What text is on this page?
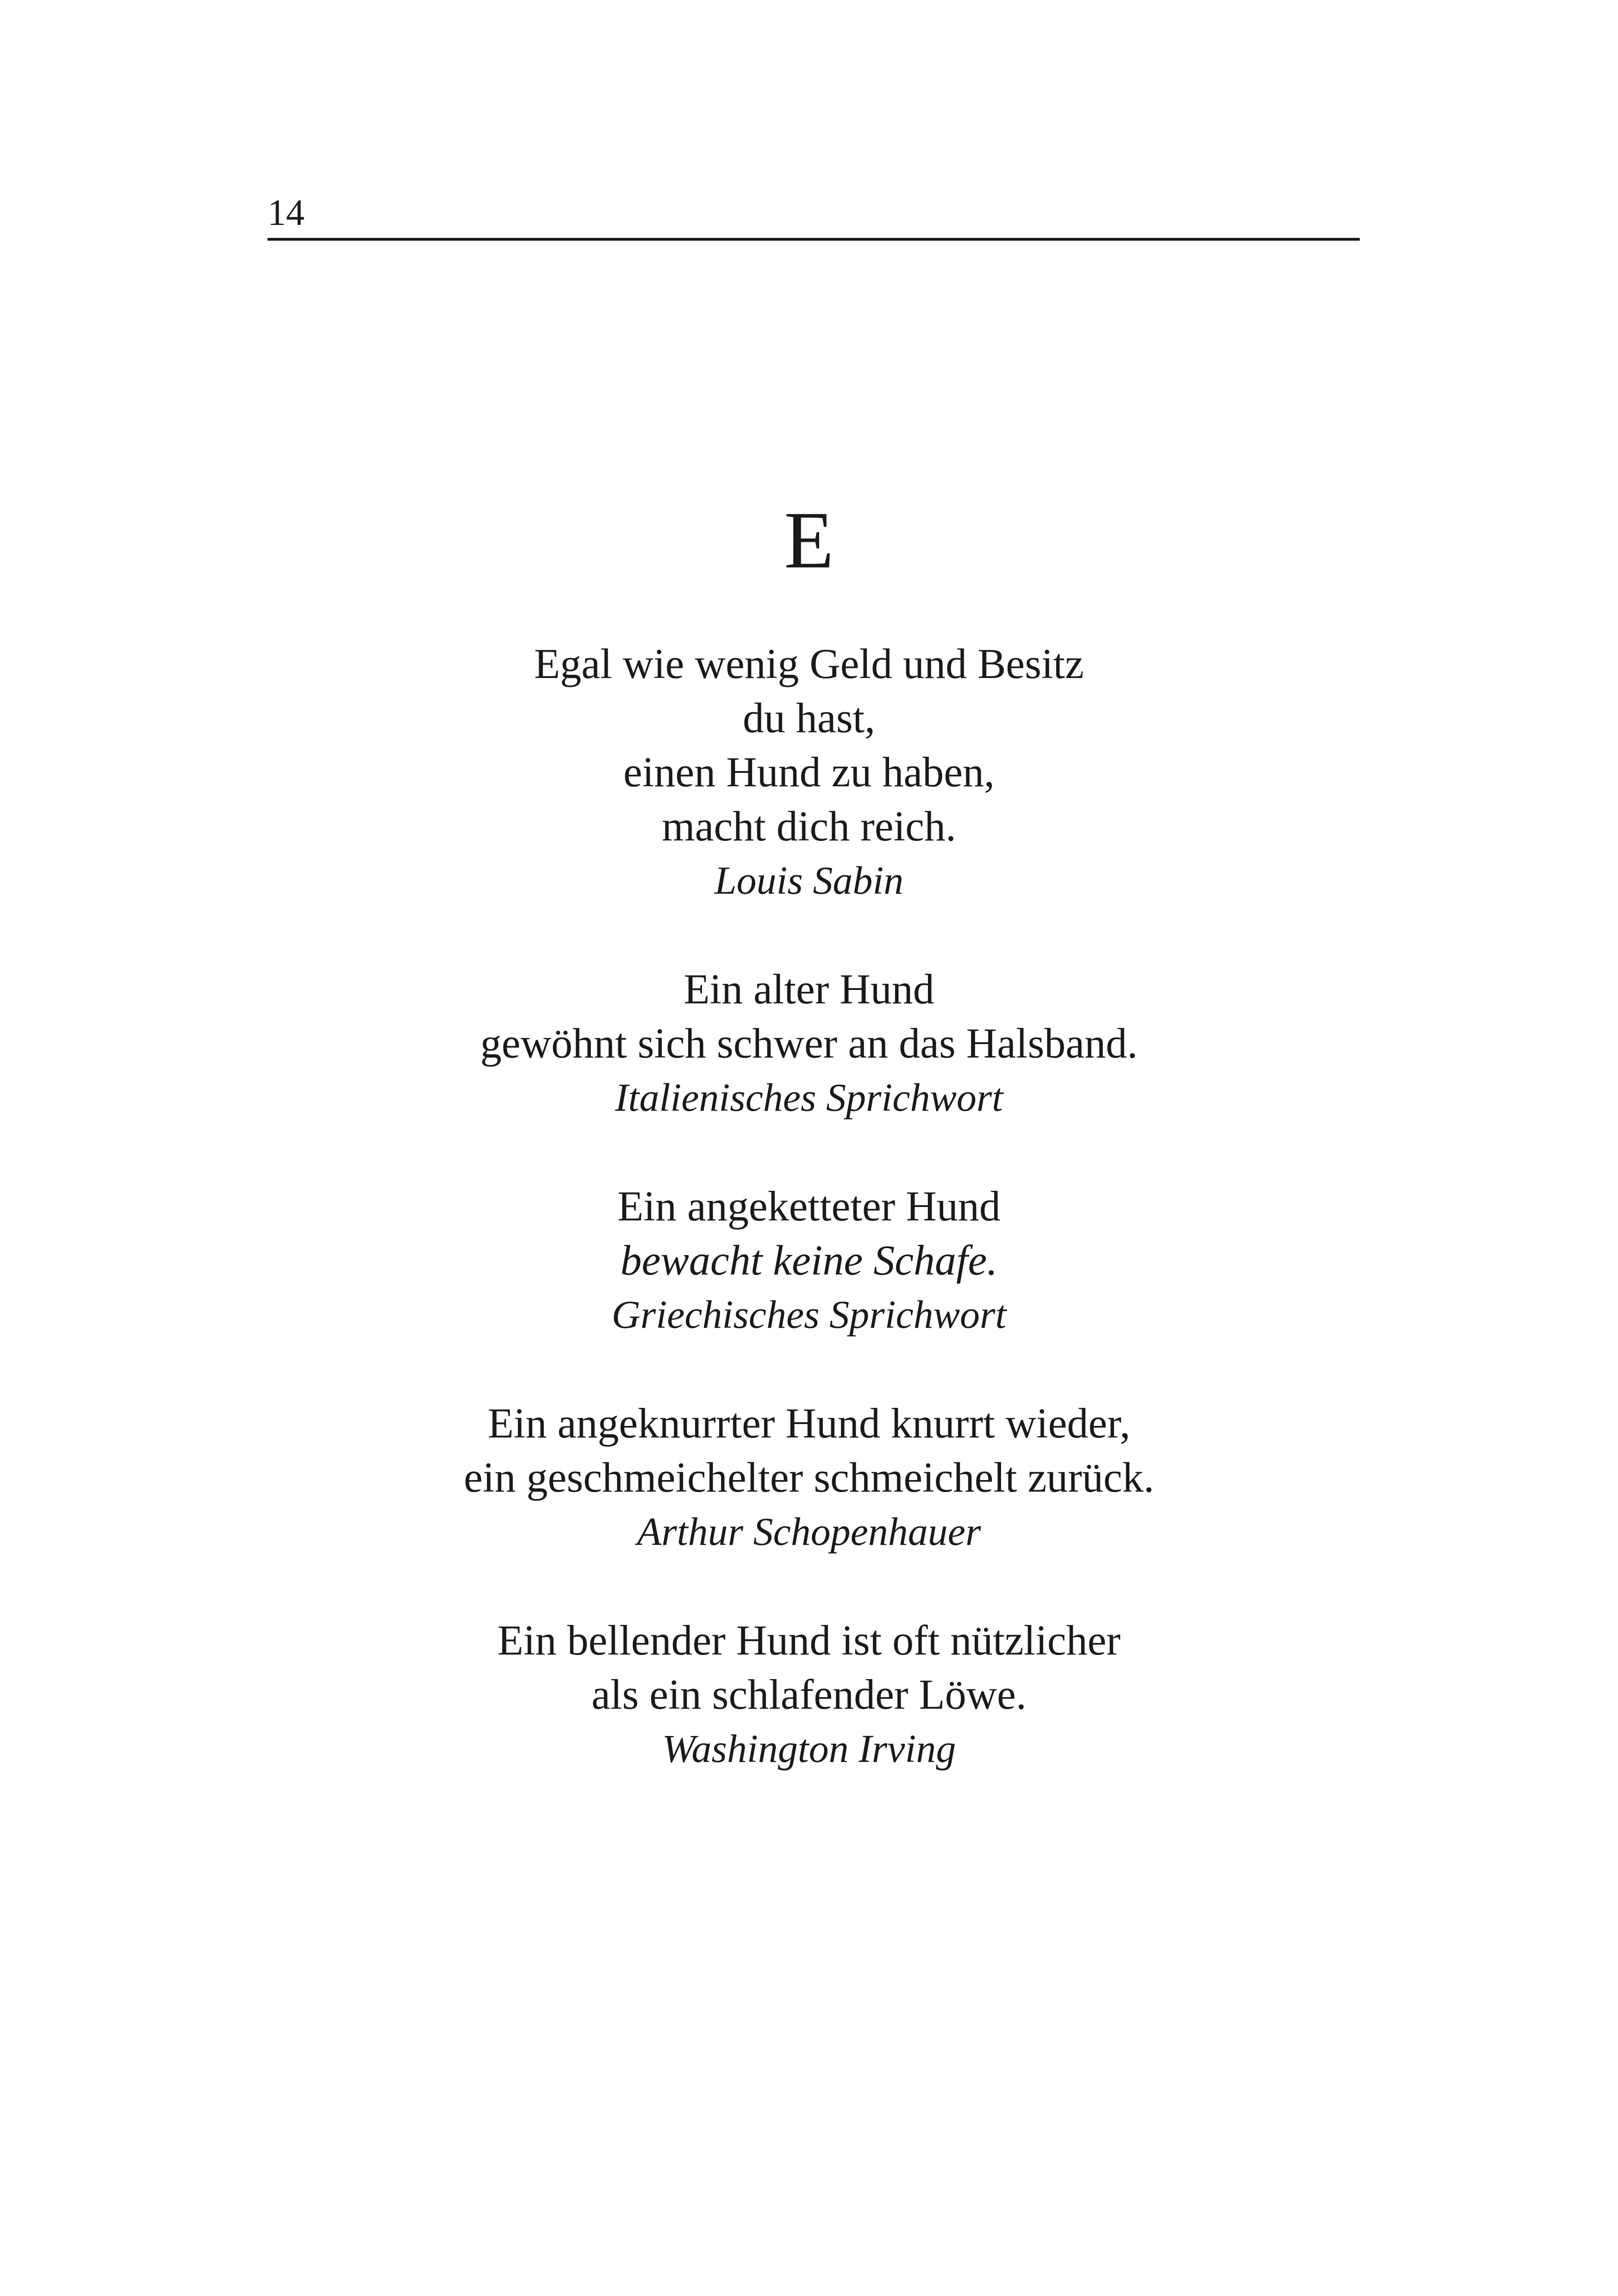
14
E
Egal wie wenig Geld und Besitz
du hast,
einen Hund zu haben,
macht dich reich.
Louis Sabin
Ein alter Hund
gewöhnt sich schwer an das Halsband.
Italienisches Sprichwort
Ein angeketteter Hund
bewacht keine Schafe.
Griechisches Sprichwort
Ein angeknurrter Hund knurrt wieder,
ein geschmeichelter schmeichelt zurück.
Arthur Schopenhauer
Ein bellender Hund ist oft nützlicher
als ein schlafender Löwe.
Washington Irving
